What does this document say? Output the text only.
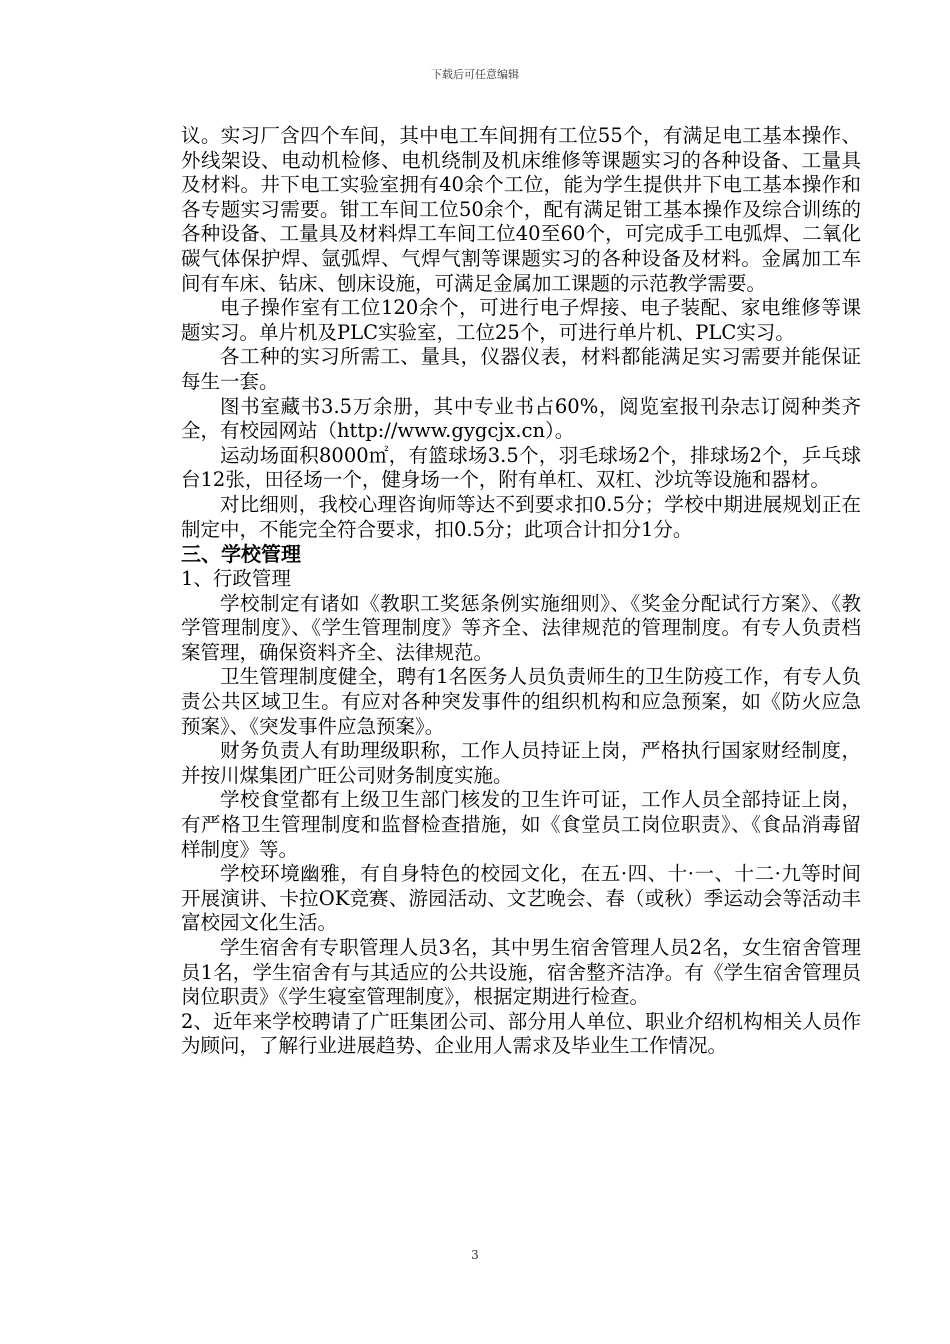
下载后可任意编辑

议。实习厂含四个车间，其中电工车间拥有工位55个，有满足电工基本操作、外线架设、电动机检修、电机绕制及机床维修等课题实习的各种设备、工量具及材料。井下电工实验室拥有40余个工位，能为学生提供井下电工基本操作和各专题实习需要。钳工车间工位50余个，配有满足钳工基本操作及综合训练的各种设备、工量具及材料焊工车间工位40至60个，可完成手工电弧焊、二氧化碳气体保护焊、氩弧焊、气焊气割等课题实习的各种设备及材料。金属加工车间有车床、钻床、刨床设施，可满足金属加工课题的示范教学需要。

电子操作室有工位120余个，可进行电子焊接、电子装配、家电维修等课题实习。单片机及PLC实验室，工位25个，可进行单片机、PLC实习。

各工种的实习所需工、量具，仪器仪表，材料都能满足实习需要并能保证每生一套。

图书室藏书3.5万余册，其中专业书占60%，阅览室报刊杂志订阅种类齐全，有校园网站（http://www.gygcjx.cn）。

运动场面积8000㎡，有篮球场3.5个，羽毛球场2个，排球场2个，乒乓球台12张，田径场一个，健身场一个，附有单杠、双杠、沙坑等设施和器材。

对比细则，我校心理咨询师等达不到要求扣0.5分；学校中期进展规划正在制定中，不能完全符合要求，扣0.5分；此项合计扣分1分。

三、学校管理

1、行政管理

学校制定有诸如《教职工奖惩条例实施细则》、《奖金分配试行方案》、《教学管理制度》、《学生管理制度》等齐全、法律规范的管理制度。有专人负责档案管理，确保资料齐全、法律规范。

卫生管理制度健全，聘有1名医务人员负责师生的卫生防疫工作，有专人负责公共区域卫生。有应对各种突发事件的组织机构和应急预案，如《防火应急预案》、《突发事件应急预案》。

财务负责人有助理级职称，工作人员持证上岗，严格执行国家财经制度，并按川煤集团广旺公司财务制度实施。

学校食堂都有上级卫生部门核发的卫生许可证，工作人员全部持证上岗，有严格卫生管理制度和监督检查措施，如《食堂员工岗位职责》、《食品消毒留样制度》等。

学校环境幽雅，有自身特色的校园文化，在五·四、十·一、十二·九等时间开展演讲、卡拉OK竞赛、游园活动、文艺晚会、春（或秋）季运动会等活动丰富校园文化生活。

学生宿舍有专职管理人员3名，其中男生宿舍管理人员2名，女生宿舍管理员1名，学生宿舍有与其适应的公共设施，宿舍整齐洁净。有《学生宿舍管理员岗位职责》《学生寝室管理制度》，根据定期进行检查。

2、近年来学校聘请了广旺集团公司、部分用人单位、职业介绍机构相关人员作为顾问，了解行业进展趋势、企业用人需求及毕业生工作情况。

3
